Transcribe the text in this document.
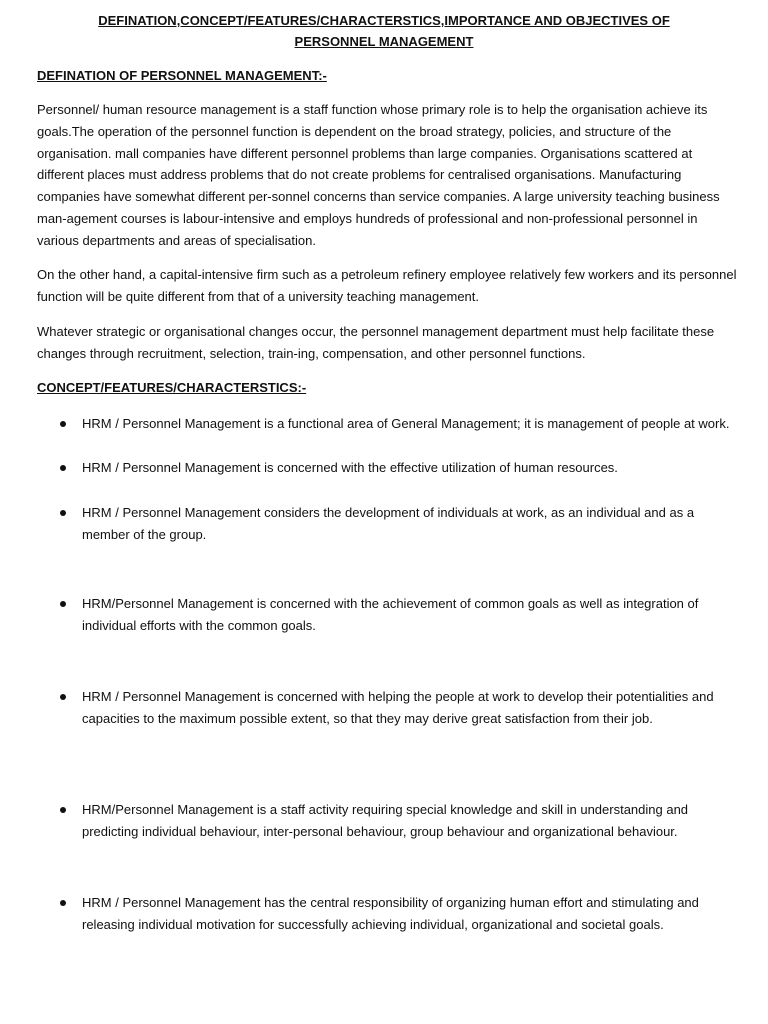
DEFINATION,CONCEPT/FEATURES/CHARACTERSTICS,IMPORTANCE AND OBJECTIVES OF PERSONNEL MANAGEMENT
DEFINATION OF PERSONNEL MANAGEMENT:-

Personnel/ human resource management is a staff function whose primary role is to help the organisation achieve its goals.The operation of the personnel function is dependent on the broad strategy, policies, and structure of the organisation. mall companies have different personnel problems than large companies. Organisations scattered at different places must address problems that do not create problems for centralised organisations. Manufacturing companies have somewhat different per-sonnel concerns than service companies. A large university teaching business man-agement courses is labour-intensive and employs hundreds of professional and non-professional personnel in various departments and areas of specialisation.

On the other hand, a capital-intensive firm such as a petroleum refinery employee relatively few workers and its personnel function will be quite different from that of a university teaching management.

Whatever strategic or organisational changes occur, the personnel management department must help facilitate these changes through recruitment, selection, train-ing, compensation, and other personnel functions.

CONCEPT/FEATURES/CHARACTERSTICS:-
HRM / Personnel Management is a functional area of General Management; it is management of people at work.
HRM / Personnel Management is concerned with the effective utilization of human resources.
HRM / Personnel Management considers the development of individuals at work, as an individual and as a member of the group.
HRM/Personnel Management is concerned with the achievement of common goals as well as integration of individual efforts with the common goals.
HRM / Personnel Management is concerned with helping the people at work to develop their potentialities and capacities to the maximum possible extent, so that they may derive great satisfaction from their job.
HRM/Personnel Management is a staff activity requiring special knowledge and skill in understanding and predicting individual behaviour, inter-personal behaviour, group behaviour and organizational behaviour.
HRM / Personnel Management has the central responsibility of organizing human effort and stimulating and releasing individual motivation for successfully achieving individual, organizational and societal goals.
